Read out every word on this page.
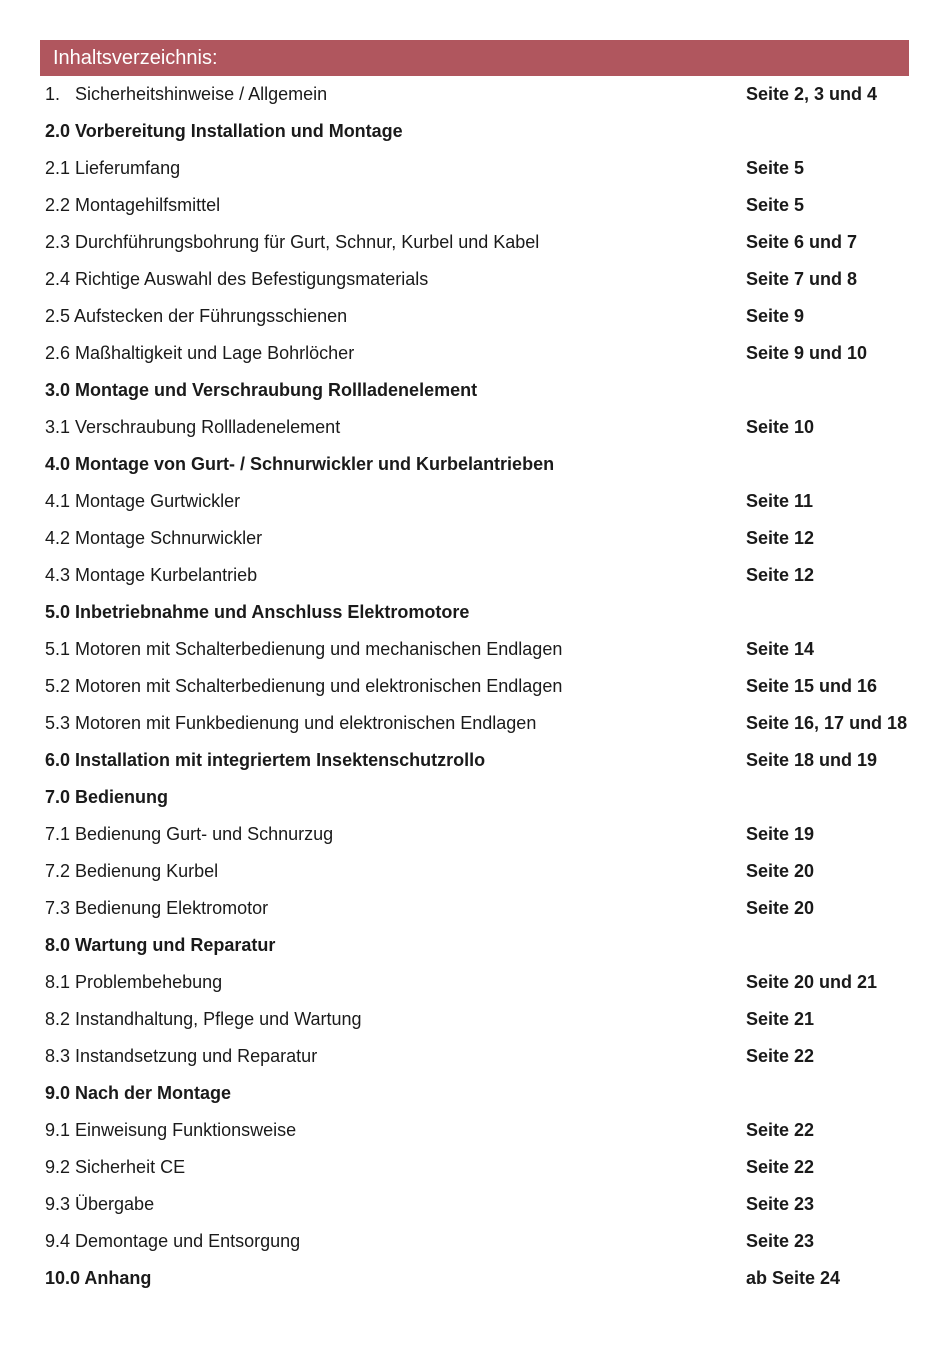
Inhaltsverzeichnis:
1. Sicherheitshinweise / Allgemein	Seite 2, 3 und 4
2.0 Vorbereitung Installation und Montage
2.1 Lieferumfang	Seite 5
2.2 Montagehilfsmittel	Seite 5
2.3 Durchführungsbohrung für Gurt, Schnur, Kurbel und Kabel	Seite 6 und 7
2.4 Richtige Auswahl des Befestigungsmaterials	Seite 7 und 8
2.5 Aufstecken der Führungsschienen	Seite 9
2.6 Maßhaltigkeit und Lage Bohrlöcher	Seite 9 und 10
3.0 Montage und Verschraubung Rollladenelement
3.1 Verschraubung Rollladenelement	Seite 10
4.0 Montage von Gurt- / Schnurwickler und Kurbelantrieben
4.1 Montage Gurtwickler	Seite 11
4.2 Montage Schnurwickler	Seite 12
4.3 Montage Kurbelantrieb	Seite 12
5.0 Inbetriebnahme und Anschluss Elektromotore
5.1 Motoren mit Schalterbedienung und mechanischen Endlagen	Seite 14
5.2 Motoren mit Schalterbedienung und elektronischen Endlagen	Seite 15 und 16
5.3 Motoren mit Funkbedienung und elektronischen Endlagen	Seite 16, 17 und 18
6.0 Installation mit integriertem Insektenschutzrollo	Seite 18 und 19
7.0 Bedienung
7.1 Bedienung Gurt- und Schnurzug	Seite 19
7.2 Bedienung Kurbel	Seite 20
7.3 Bedienung Elektromotor	Seite 20
8.0 Wartung und Reparatur
8.1 Problembehebung	Seite 20 und 21
8.2 Instandhaltung, Pflege und Wartung	Seite 21
8.3 Instandsetzung und Reparatur	Seite 22
9.0 Nach der Montage
9.1 Einweisung Funktionsweise	Seite 22
9.2 Sicherheit CE	Seite 22
9.3 Übergabe	Seite 23
9.4 Demontage und Entsorgung	Seite 23
10.0 Anhang	ab Seite 24
